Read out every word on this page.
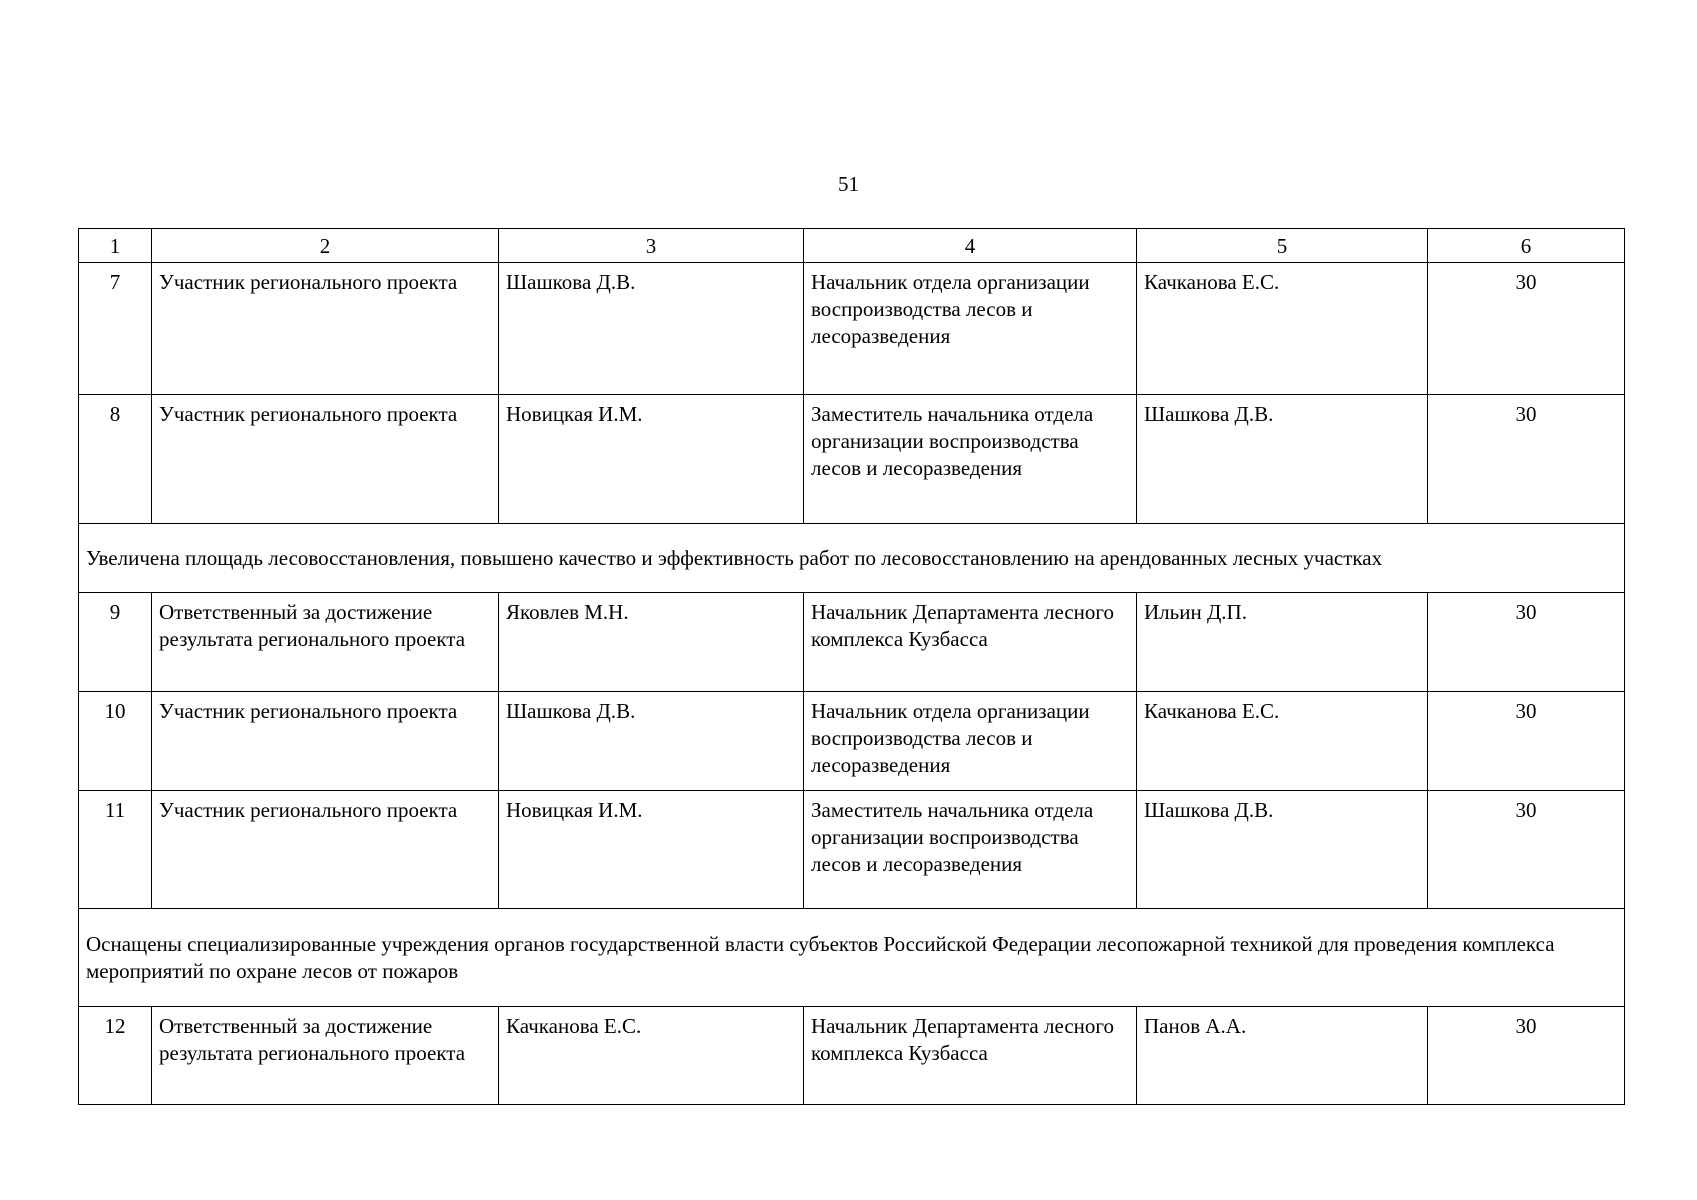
51
1	2	3	4	5	6
7	Участник регионального проекта	Шашкова Д.В.	Начальник отдела организации воспроизводства лесов и лесоразведения	Качканова Е.С.	30
8	Участник регионального проекта	Новицкая И.М.	Заместитель начальника отдела организации воспроизводства лесов и лесоразведения	Шашкова Д.В.	30
Увеличена площадь лесовосстановления, повышено качество и эффективность работ по лесовосстановлению на арендованных лесных участках					
9	Ответственный за достижение результата регионального проекта	Яковлев М.Н.	Начальник Департамента лесного комплекса Кузбасса	Ильин Д.П.	30
10	Участник регионального проекта	Шашкова Д.В.	Начальник отдела организации воспроизводства лесов и лесоразведения	Качканова Е.С.	30
11	Участник регионального проекта	Новицкая И.М.	Заместитель начальника отдела организации воспроизводства лесов и лесоразведения	Шашкова Д.В.	30
Оснащены специализированные учреждения органов государственной власти субъектов Российской Федерации лесопожарной техникой для проведения комплекса мероприятий по охране лесов от пожаров					
12	Ответственный за достижение результата регионального проекта	Качканова Е.С.	Начальник Департамента лесного комплекса Кузбасса	Панов А.А.	30
